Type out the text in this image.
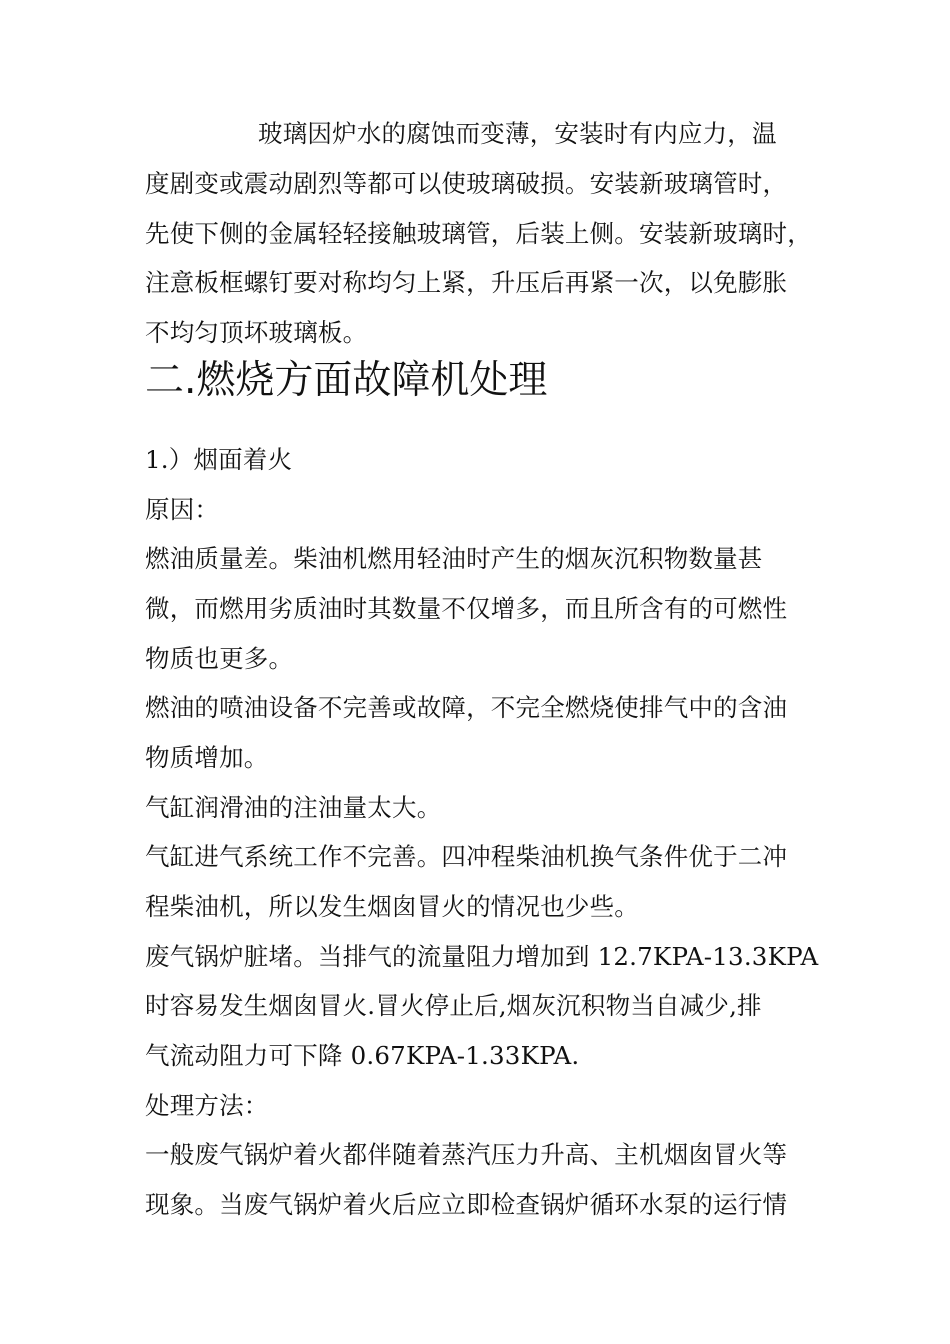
玻璃因炉水的腐蚀而变薄，安装时有内应力，温
度剧变或震动剧烈等都可以使玻璃破损。安装新玻璃管时，
先使下侧的金属轻轻接触玻璃管，后装上侧。安装新玻璃时，
注意板框螺钉要对称均匀上紧，升压后再紧一次，以免膨胀
不均匀顶坏玻璃板。
二.燃烧方面故障机处理
1.）烟面着火
原因：
燃油质量差。柴油机燃用轻油时产生的烟灰沉积物数量甚
微，而燃用劣质油时其数量不仅增多，而且所含有的可燃性
物质也更多。
燃油的喷油设备不完善或故障，不完全燃烧使排气中的含油
物质增加。
气缸润滑油的注油量太大。
气缸进气系统工作不完善。四冲程柴油机换气条件优于二冲
程柴油机，所以发生烟囱冒火的情况也少些。
废气锅炉脏堵。当排气的流量阻力增加到 12.7KPA-13.3KPA
时容易发生烟囱冒火.冒火停止后,烟灰沉积物当自减少,排
气流动阻力可下降 0.67KPA-1.33KPA.
处理方法：
一般废气锅炉着火都伴随着蒸汽压力升高、主机烟囱冒火等
现象。当废气锅炉着火后应立即检查锅炉循环水泵的运行情
